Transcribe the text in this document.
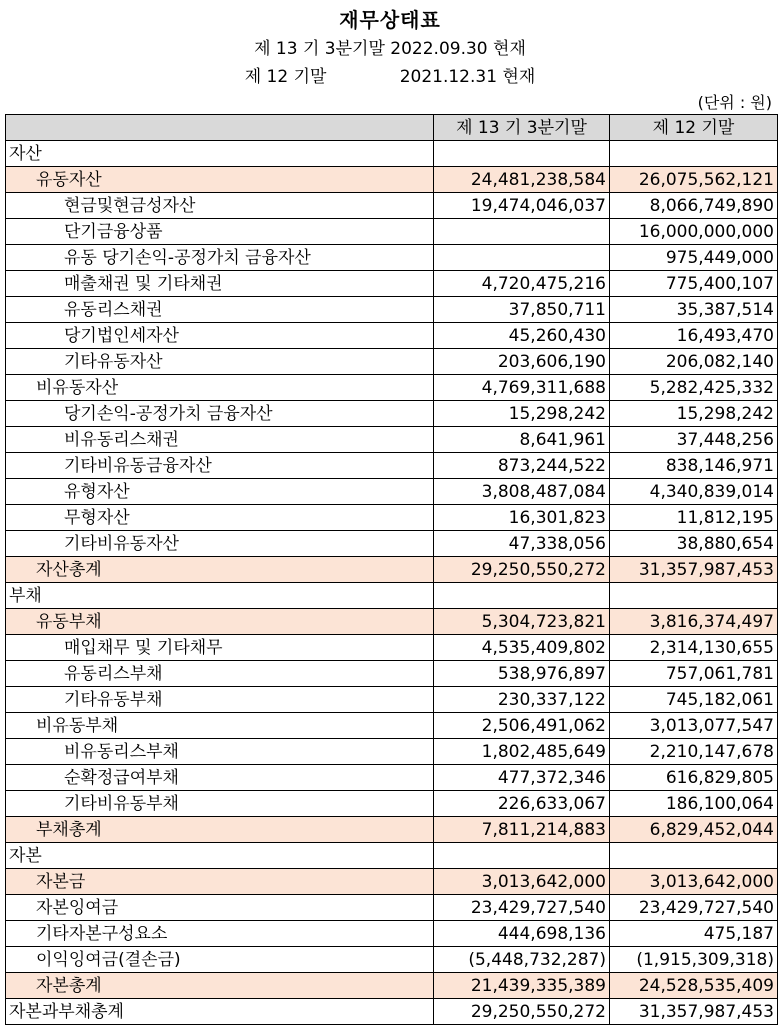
재무상태표
제 13 기 3분기말 2022.09.30 현재
제 12 기말	2021.12.31 현재
(단위 : 원)
	제 13 기 3분기말	제 12 기말
자산		
유동자산	24,481,238,584	26,075,562,121
현금및현금성자산	19,474,046,037	8,066,749,890
단기금융상품		16,000,000,000
유동 당기손익-공정가치 금융자산		975,449,000
매출채권 및 기타채권	4,720,475,216	775,400,107
유동리스채권	37,850,711	35,387,514
당기법인세자산	45,260,430	16,493,470
기타유동자산	203,606,190	206,082,140
비유동자산	4,769,311,688	5,282,425,332
당기손익-공정가치 금융자산	15,298,242	15,298,242
비유동리스채권	8,641,961	37,448,256
기타비유동금융자산	873,244,522	838,146,971
유형자산	3,808,487,084	4,340,839,014
무형자산	16,301,823	11,812,195
기타비유동자산	47,338,056	38,880,654
자산총계	29,250,550,272	31,357,987,453
부채		
유동부채	5,304,723,821	3,816,374,497
매입채무 및 기타채무	4,535,409,802	2,314,130,655
유동리스부채	538,976,897	757,061,781
기타유동부채	230,337,122	745,182,061
비유동부채	2,506,491,062	3,013,077,547
비유동리스부채	1,802,485,649	2,210,147,678
순확정급여부채	477,372,346	616,829,805
기타비유동부채	226,633,067	186,100,064
부채총계	7,811,214,883	6,829,452,044
자본		
자본금	3,013,642,000	3,013,642,000
자본잉여금	23,429,727,540	23,429,727,540
기타자본구성요소	444,698,136	475,187
이익잉여금(결손금)	(5,448,732,287)	(1,915,309,318)
자본총계	21,439,335,389	24,528,535,409
자본과부채총계	29,250,550,272	31,357,987,453
